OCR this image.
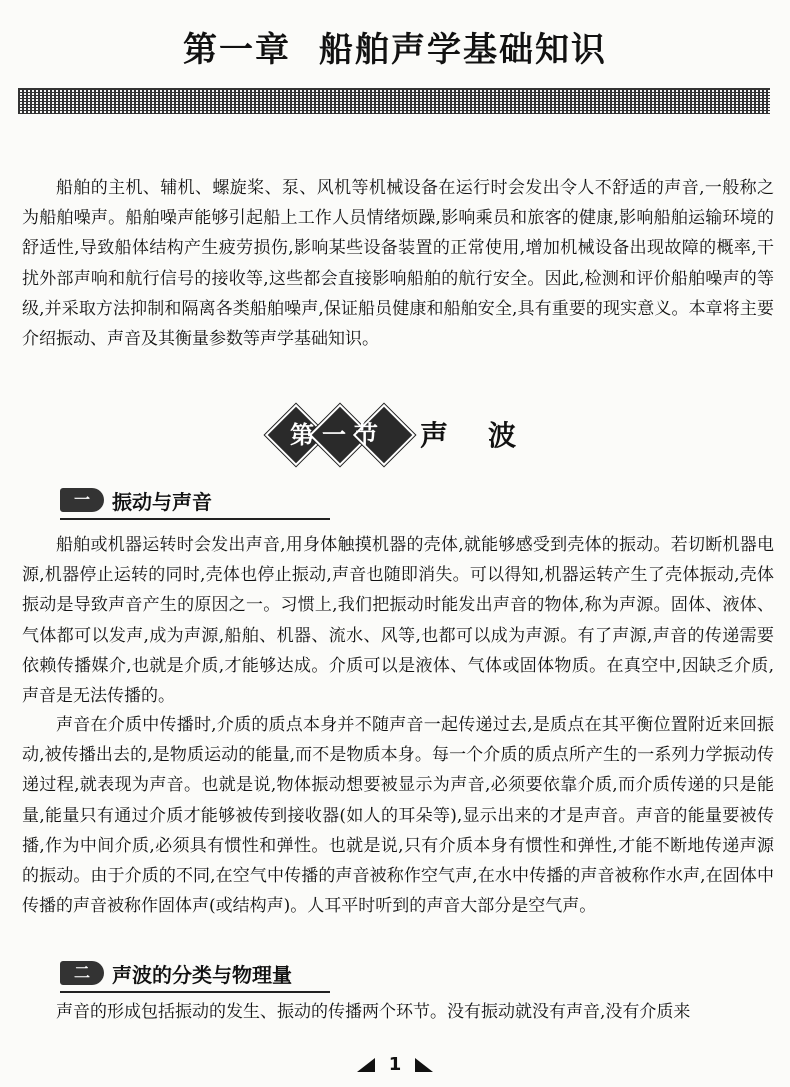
第一章 船舶声学基础知识

船舶的主机、辅机、螺旋桨、泵、风机等机械设备在运行时会发出令人不舒适的声音,一般称之为船舶噪声。船舶噪声能够引起船上工作人员情绪烦躁,影响乘员和旅客的健康,影响船舶运输环境的舒适性,导致船体结构产生疲劳损伤,影响某些设备装置的正常使用,增加机械设备出现故障的概率,干扰外部声响和航行信号的接收等,这些都会直接影响船舶的航行安全。因此,检测和评价船舶噪声的等级,并采取方法抑制和隔离各类船舶噪声,保证船员健康和船舶安全,具有重要的现实意义。本章将主要介绍振动、声音及其衡量参数等声学基础知识。

第一节	声波
一	振动与声音

船舶或机器运转时会发出声音,用身体触摸机器的壳体,就能够感受到壳体的振动。若切断机器电源,机器停止运转的同时,壳体也停止振动,声音也随即消失。可以得知,机器运转产生了壳体振动,壳体振动是导致声音产生的原因之一。习惯上,我们把振动时能发出声音的物体,称为声源。固体、液体、气体都可以发声,成为声源,船舶、机器、流水、风等,也都可以成为声源。有了声源,声音的传递需要依赖传播媒介,也就是介质,才能够达成。介质可以是液体、气体或固体物质。在真空中,因缺乏介质,声音是无法传播的。

声音在介质中传播时,介质的质点本身并不随声音一起传递过去,是质点在其平衡位置附近来回振动,被传播出去的,是物质运动的能量,而不是物质本身。每一个介质的质点所产生的一系列力学振动传递过程,就表现为声音。也就是说,物体振动想要被显示为声音,必须要依靠介质,而介质传递的只是能量,能量只有通过介质才能够被传到接收器(如人的耳朵等),显示出来的才是声音。声音的能量要被传播,作为中间介质,必须具有惯性和弹性。也就是说,只有介质本身有惯性和弹性,才能不断地传递声源的振动。由于介质的不同,在空气中传播的声音被称作空气声,在水中传播的声音被称作水声,在固体中传播的声音被称作固体声(或结构声)。人耳平时听到的声音大部分是空气声。

二	声波的分类与物理量

声音的形成包括振动的发生、振动的传播两个环节。没有振动就没有声音,没有介质来

1
